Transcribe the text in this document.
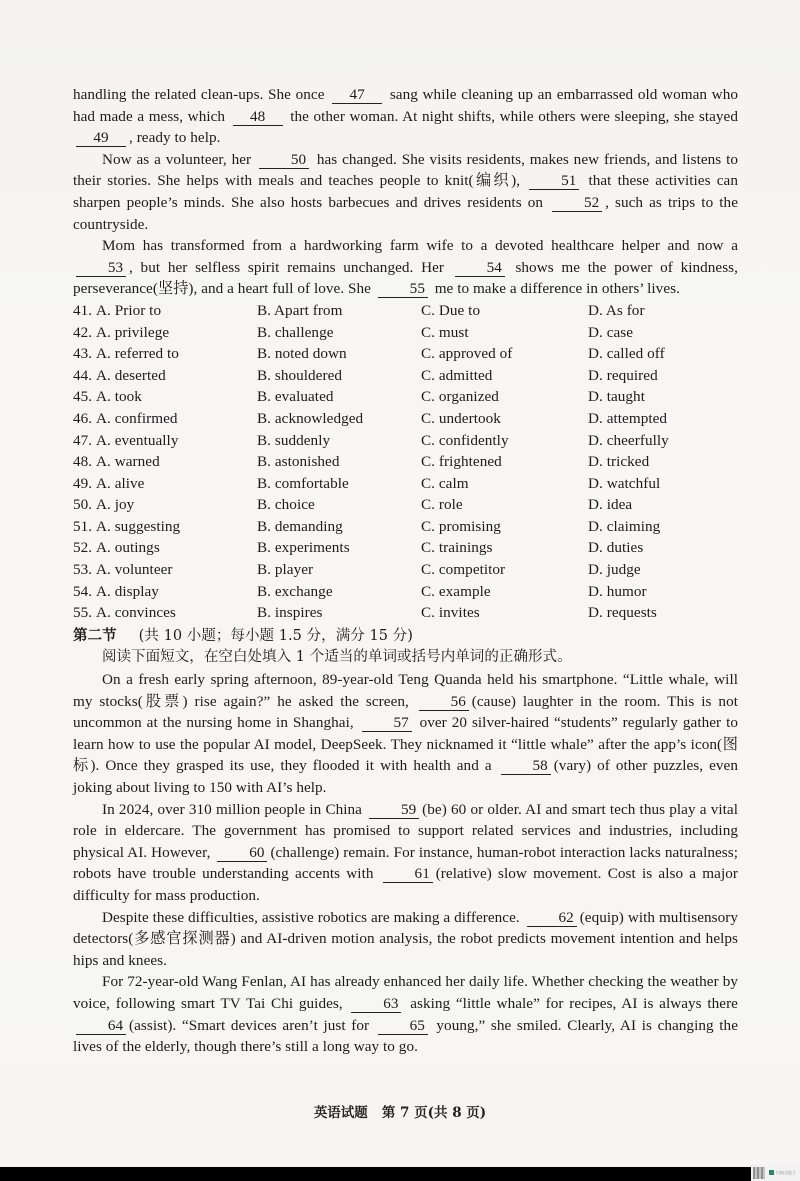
handling the related clean-ups. She once 47 sang while cleaning up an embarrassed old woman who had made a mess, which 48 the other woman. At night shifts, while others were sleeping, she stayed 49 , ready to help.

Now as a volunteer, her	50 has changed. She visits residents, makes new friends, and listens to their stories. She helps with meals and teaches people to knit(编织),	51 that these activities can sharpen people’s minds. She also hosts barbecues and drives residents on	52 , such as trips to the countryside.

Mom has transformed from a hardworking farm wife to a devoted healthcare helper and now a 53 , but her selfless spirit remains unchanged. Her	54 shows me the power of kindness, perseverance(坚持), and a heart full of love. She	55 me to make a difference in others’ lives.

41. A. Prior to	B. Apart from	C. Due to	D. As for
42. A. privilege	B. challenge	C. must	D. case
43. A. referred to	B. noted down	C. approved of	D. called off
44. A. deserted	B. shouldered	C. admitted	D. required
45. A. took	B. evaluated	C. organized	D. taught
46. A. confirmed	B. acknowledged	C. undertook	D. attempted
47. A. eventually	B. suddenly	C. confidently	D. cheerfully
48. A. warned	B. astonished	C. frightened	D. tricked
49. A. alive	B. comfortable	C. calm	D. watchful
50. A. joy	B. choice	C. role	D. idea
51. A. suggesting	B. demanding	C. promising	D. claiming
52. A. outings	B. experiments	C. trainings	D. duties
53. A. volunteer	B. player	C. competitor	D. judge
54. A. display	B. exchange	C. example	D. humor
55. A. convinces	B. inspires	C. invites	D. requests
第二节 (共 10 小题；每小题 1.5 分，满分 15 分)
阅读下面短文，在空白处填入 1 个适当的单词或括号内单词的正确形式。

On a fresh early spring afternoon, 89-year-old Teng Quanda held his smartphone. “Little whale, will my stocks(股票) rise again?” he asked the screen,	56 (cause) laughter in the room. This is not uncommon at the nursing home in Shanghai,	57 over 20 silver-haired “students” regularly gather to learn how to use the popular AI model, DeepSeek. They nicknamed it “little whale” after the app’s icon(图标). Once they grasped its use, they flooded it with health and a	58 (vary) of other puzzles, even joking about living to 150 with AI’s help.

In 2024, over 310 million people in China	59 (be) 60 or older. AI and smart tech thus play a vital role in eldercare. The government has promised to support related services and industries, including physical AI. However,	60 (challenge) remain. For instance, human-robot interaction lacks naturalness; robots have trouble understanding accents with	61 (relative) slow movement. Cost is also a major difficulty for mass production.

Despite these difficulties, assistive robotics are making a difference.	62 (equip) with multisensory detectors(多感官探测器) and AI-driven motion analysis, the robot predicts movement intention and helps hips and knees.

For 72-year-old Wang Fenlan, AI has already enhanced her daily life. Whether checking the weather by voice, following smart TV Tai Chi guides,	63 asking “little whale” for recipes, AI is always there 64 (assist). “Smart devices aren’t just for	65 young,” she smiled. Clearly, AI is changing the lives of the elderly, though there’s still a long way to go.

英语试题 第 7 页(共 8 页)
扫描全能王
